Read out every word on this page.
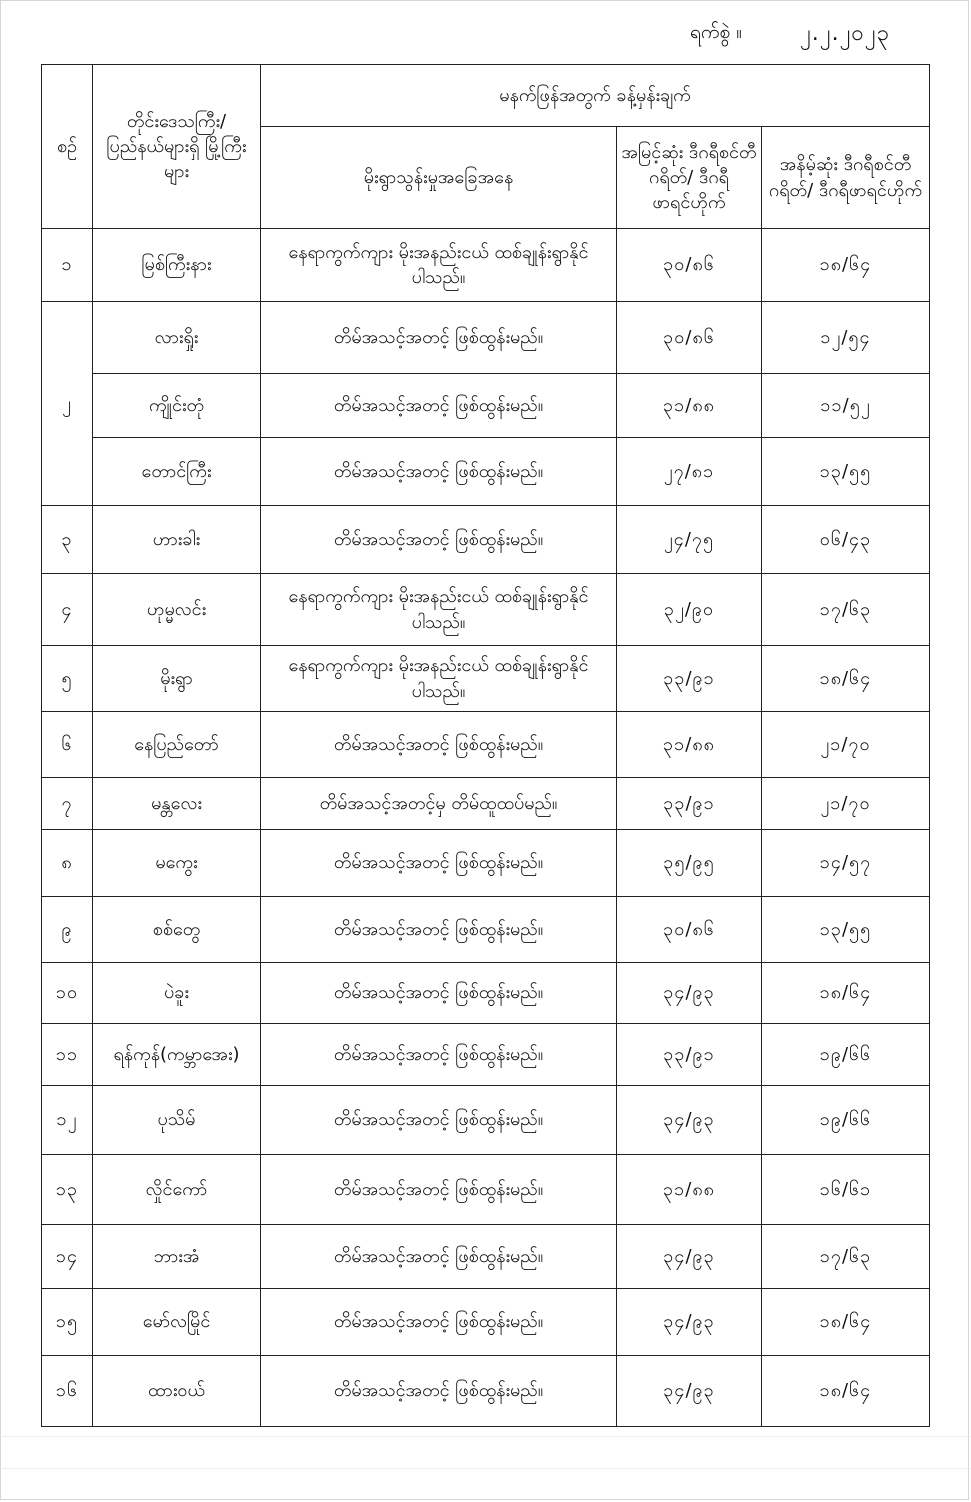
ရက်စွဲ ။	၂.၂.၂၀၂၃
စဉ်	တိုင်းဒေသကြီး/ ပြည်နယ်များရှိ မြို့ကြီးများ	မနက်ဖြန်အတွက် ခန့်မှန်းချက်		
		မိုးရွာသွန်းမှုအခြေအနေ	အမြင့်ဆုံး ဒီဂရီစင်တီဂရိတ်/ ဒီဂရီဖာရင်ဟိုက်	အနိမ့်ဆုံး ဒီဂရီစင်တီဂရိတ်/ ဒီဂရီဖာရင်ဟိုက်
၁	မြစ်ကြီးနား	နေရာကွက်ကျား မိုးအနည်းငယ် ထစ်ချုန်းရွာနိုင်ပါသည်။	၃၀/၈၆	၁၈/၆၄
၂	လားရှိုး	တိမ်အသင့်အတင့် ဖြစ်ထွန်းမည်။	၃၀/၈၆	၁၂/၅၄
	ကျိုင်းတုံ	တိမ်အသင့်အတင့် ဖြစ်ထွန်းမည်။	၃၁/၈၈	၁၁/၅၂
	တောင်ကြီး	တိမ်အသင့်အတင့် ဖြစ်ထွန်းမည်။	၂၇/၈၁	၁၃/၅၅
၃	ဟားခါး	တိမ်အသင့်အတင့် ဖြစ်ထွန်းမည်။	၂၄/၇၅	၀၆/၄၃
၄	ဟုမ္မလင်း	နေရာကွက်ကျား မိုးအနည်းငယ် ထစ်ချုန်းရွာနိုင်ပါသည်။	၃၂/၉၀	၁၇/၆၃
၅	မိုးရွာ	နေရာကွက်ကျား မိုးအနည်းငယ် ထစ်ချုန်းရွာနိုင်ပါသည်။	၃၃/၉၁	၁၈/၆၄
၆	နေပြည်တော်	တိမ်အသင့်အတင့် ဖြစ်ထွန်းမည်။	၃၁/၈၈	၂၁/၇၀
၇	မန္တလေး	တိမ်အသင့်အတင့်မှ တိမ်ထူထပ်မည်။	၃၃/၉၁	၂၁/၇၀
၈	မကွေး	တိမ်အသင့်အတင့် ဖြစ်ထွန်းမည်။	၃၅/၉၅	၁၄/၅၇
၉	စစ်တွေ	တိမ်အသင့်အတင့် ဖြစ်ထွန်းမည်။	၃၀/၈၆	၁၃/၅၅
၁၀	ပဲခူး	တိမ်အသင့်အတင့် ဖြစ်ထွန်းမည်။	၃၄/၉၃	၁၈/၆၄
၁၁	ရန်ကုန်(ကမ္ဘာအေး)	တိမ်အသင့်အတင့် ဖြစ်ထွန်းမည်။	၃၃/၉၁	၁၉/၆၆
၁၂	ပုသိမ်	တိမ်အသင့်အတင့် ဖြစ်ထွန်းမည်။	၃၄/၉၃	၁၉/၆၆
၁၃	လှိုင်ကော်	တိမ်အသင့်အတင့် ဖြစ်ထွန်းမည်။	၃၁/၈၈	၁၆/၆၁
၁၄	ဘားအံ	တိမ်အသင့်အတင့် ဖြစ်ထွန်းမည်။	၃၄/၉၃	၁၇/၆၃
၁၅	မော်လမြိုင်	တိမ်အသင့်အတင့် ဖြစ်ထွန်းမည်။	၃၄/၉၃	၁၈/၆၄
၁၆	ထားဝယ်	တိမ်အသင့်အတင့် ဖြစ်ထွန်းမည်။	၃၄/၉၃	၁၈/၆၄
